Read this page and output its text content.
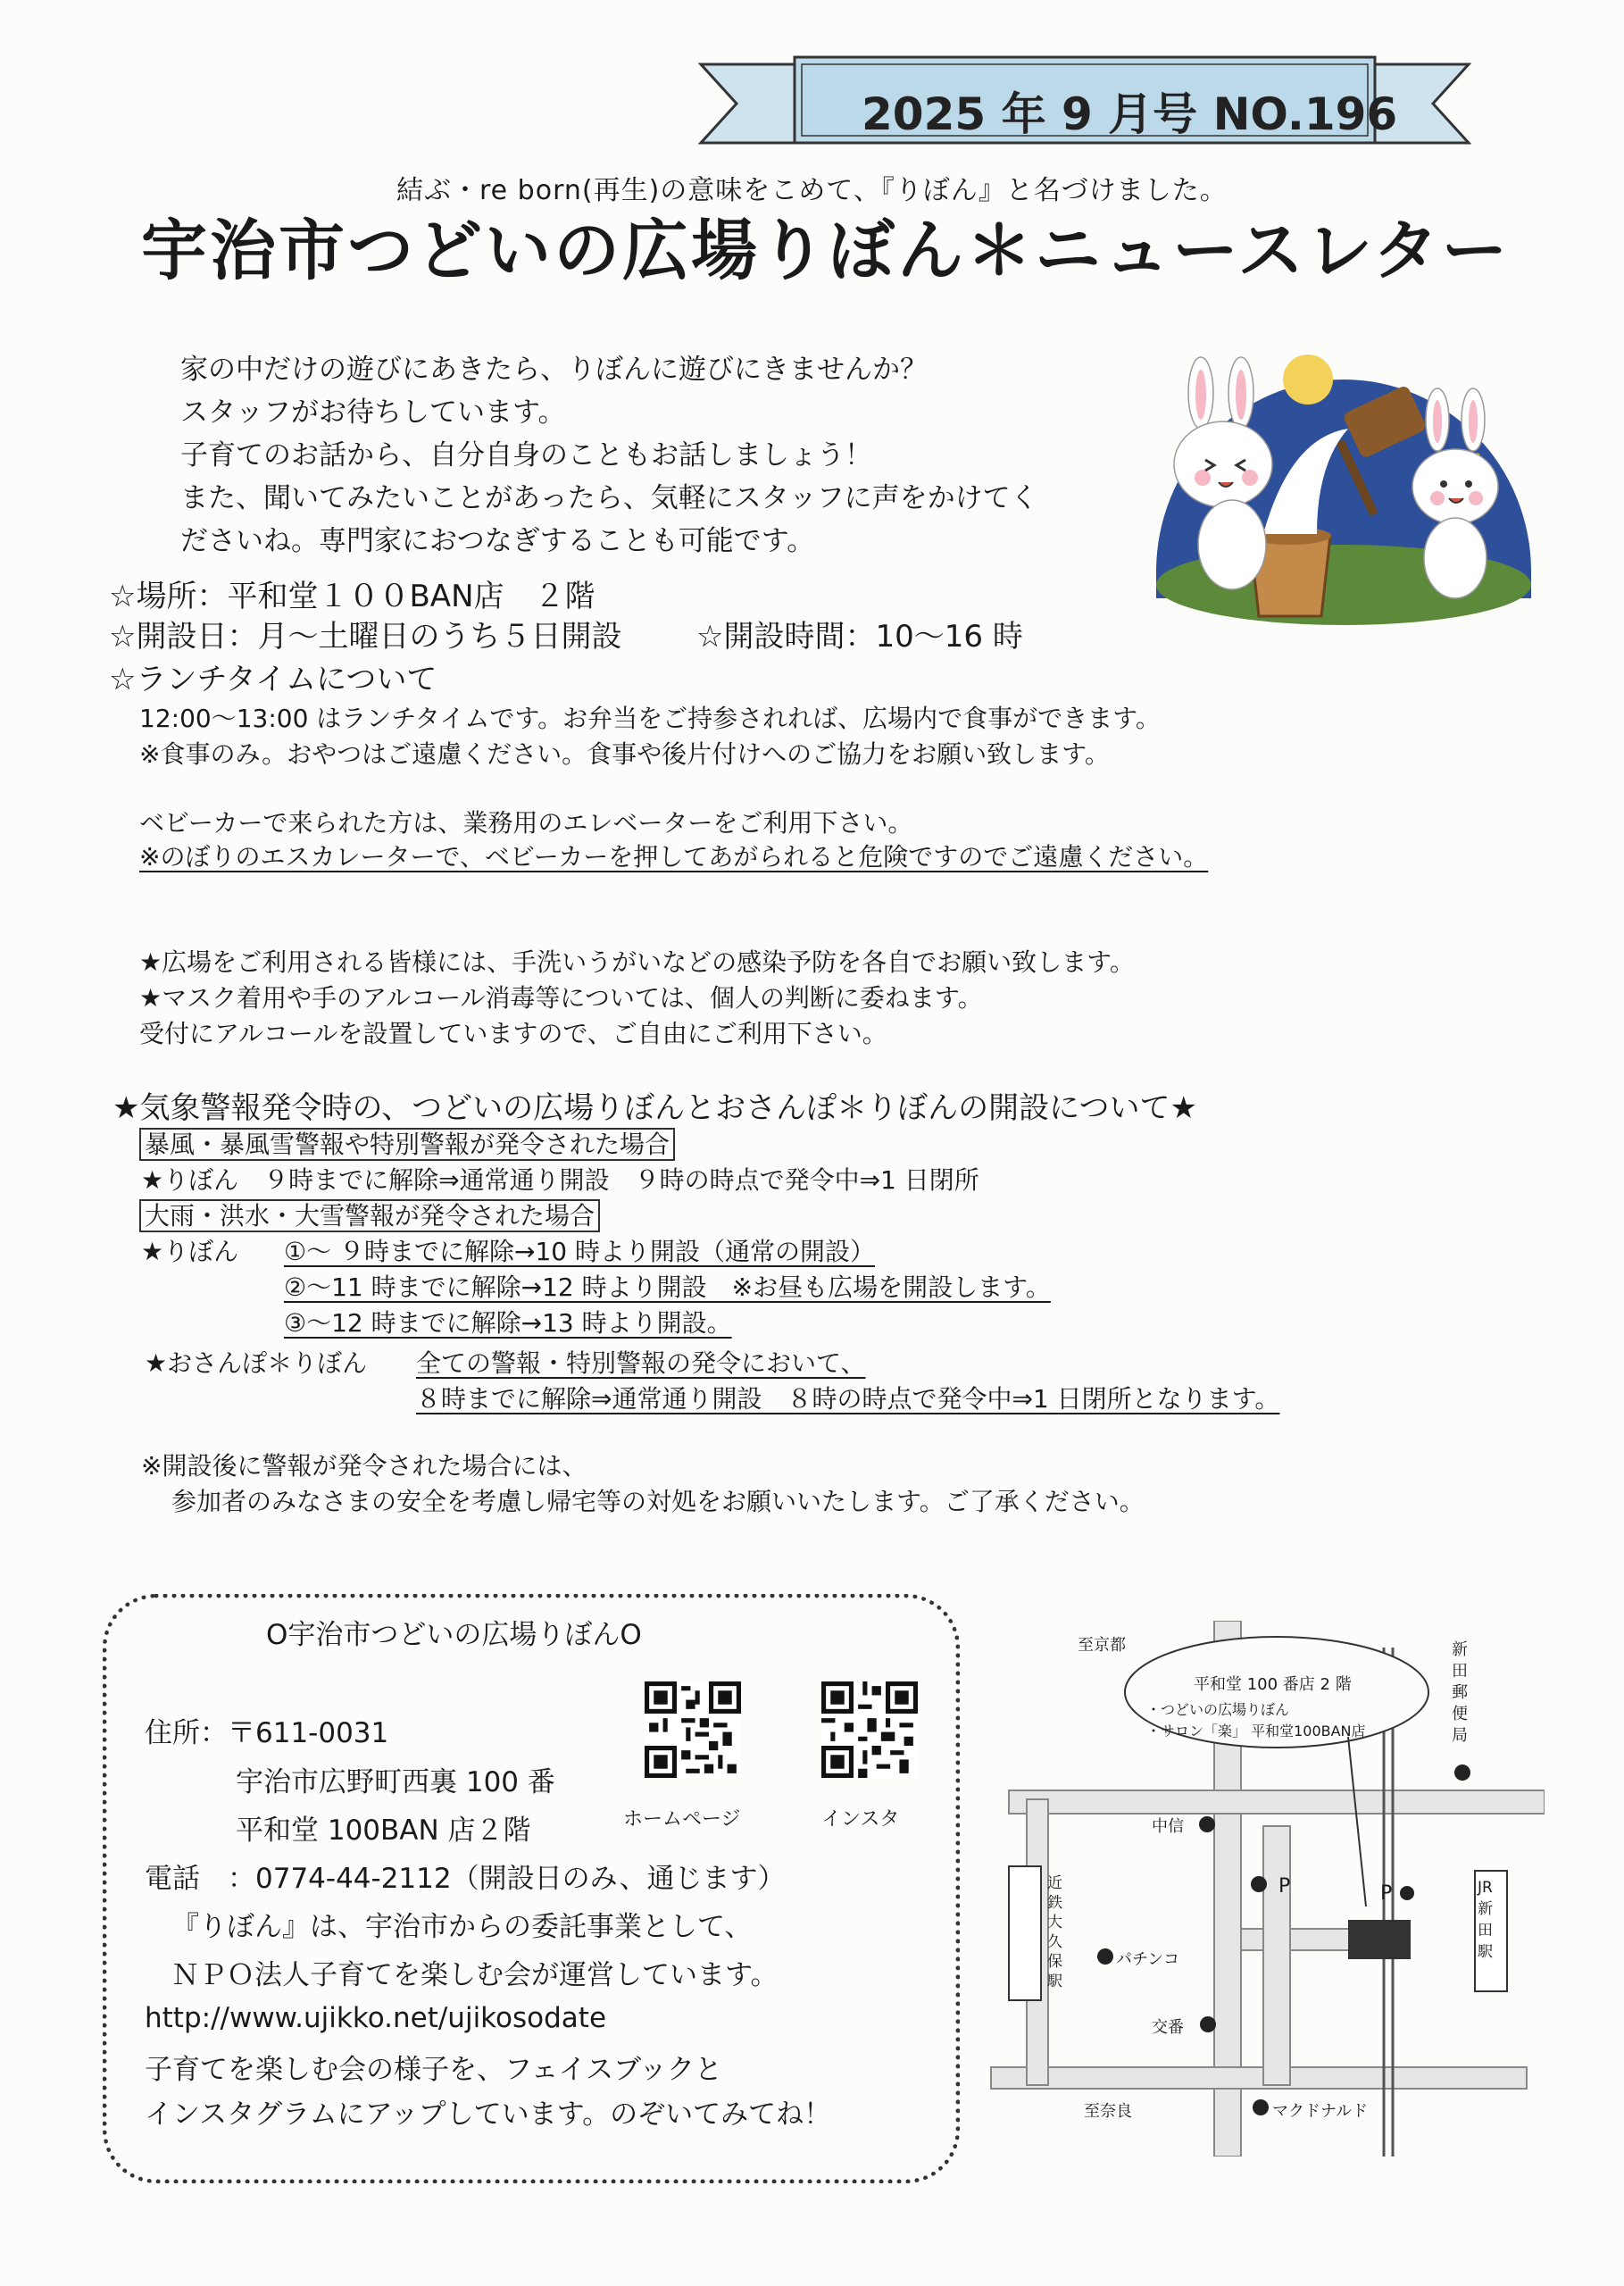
2025 年 9 月号 NO.196
結ぶ・re born(再生)の意味をこめて、『りぼん』と名づけました。
宇治市つどいの広場りぼん＊ニュースレター
家の中だけの遊びにあきたら、りぼんに遊びにきませんか？
スタッフがお待ちしています。
子育てのお話から、自分自身のこともお話しましょう！
また、聞いてみたいことがあったら、気軽にスタッフに声をかけてく
ださいね。専門家におつなぎすることも可能です。
☆場所：平和堂１００BAN店　２階
☆開設日：月～土曜日のうち５日開設 ☆開設時間：10～16 時
☆ランチタイムについて
12:00～13:00 はランチタイムです。お弁当をご持参されれば、広場内で食事ができます。
※食事のみ。おやつはご遠慮ください。食事や後片付けへのご協力をお願い致します。
ベビーカーで来られた方は、業務用のエレベーターをご利用下さい。
※のぼりのエスカレーターで、ベビーカーを押してあがられると危険ですのでご遠慮ください。
★広場をご利用される皆様には、手洗いうがいなどの感染予防を各自でお願い致します。
★マスク着用や手のアルコール消毒等については、個人の判断に委ねます。
受付にアルコールを設置していますので、ご自由にご利用下さい。
★気象警報発令時の、つどいの広場りぼんとおさんぽ＊りぼんの開設について★
暴風・暴風雪警報や特別警報が発令された場合
★りぼん　９時までに解除⇒通常通り開設　９時の時点で発令中⇒1 日閉所
大雨・洪水・大雪警報が発令された場合
★りぼん ①～ ９時までに解除→10 時より開設（通常の開設）
②～11 時までに解除→12 時より開設　※お昼も広場を開設します。
③～12 時までに解除→13 時より開設。
★おさんぽ＊りぼん 全ての警報・特別警報の発令において、
８時までに解除⇒通常通り開設　８時の時点で発令中⇒1 日閉所となります。
※開設後に警報が発令された場合には、
参加者のみなさまの安全を考慮し帰宅等の対処をお願いいたします。ご了承ください。
O宇治市つどいの広場りぼんO
住所：〒611-0031
宇治市広野町西裏 100 番
平和堂 100BAN 店２階
電話　：0774-44-2112（開設日のみ、通じます）
『りぼん』は、宇治市からの委託事業として、
ＮＰＯ法人子育てを楽しむ会が運営しています。
http://www.ujikko.net/ujikosodate
子育てを楽しむ会の様子を、フェイスブックと
インスタグラムにアップしています。のぞいてみてね！
ホームページ	インスタ
至京都
至奈良
平和堂 100 番店 2 階
・つどいの広場りぼん
・サロン「楽」 平和堂100BAN店
新田郵便局
中信
P	P
パチンコ
交番
マクドナルド
近鉄大久保駅
JR新田駅
